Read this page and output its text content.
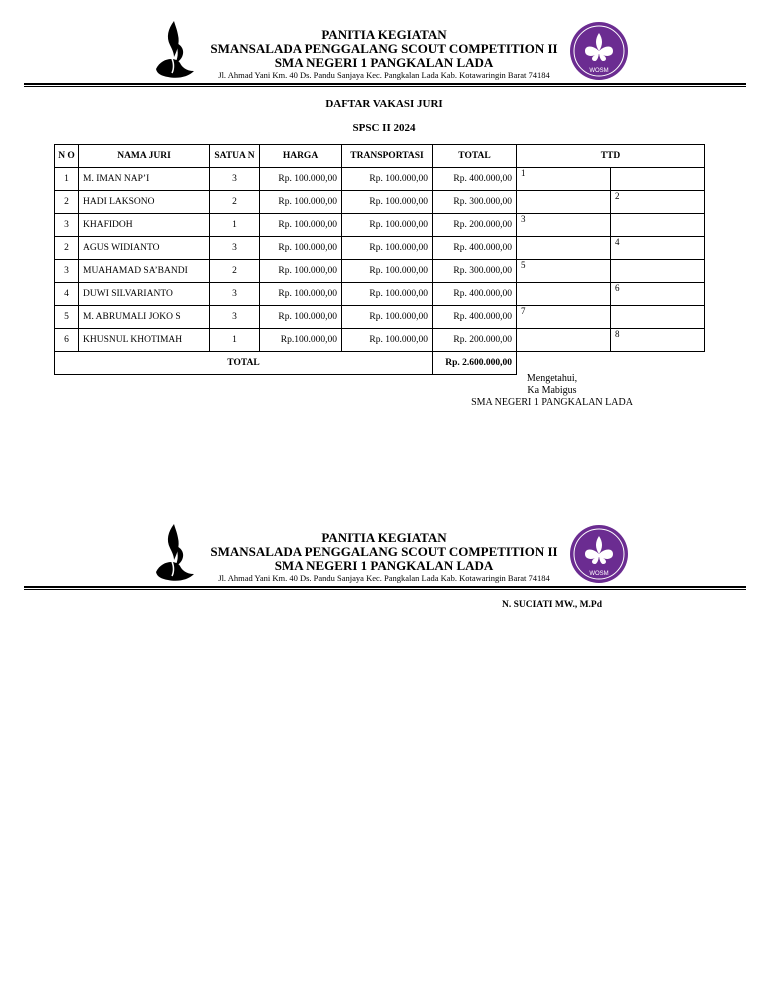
PANITIA KEGIATAN
SMANSALADA PENGGALANG SCOUT COMPETITION II
SMA NEGERI 1 PANGKALAN LADA
Jl. Ahmad Yani Km. 40 Ds. Pandu Sanjaya Kec. Pangkalan Lada Kab. Kotawaringin Barat 74184	WOSM
DAFTAR VAKASI JURI
SPSC II 2024
N O	NAMA JURI	SATUA N	HARGA	TRANSPORTASI	TOTAL	TTD	
1	M. IMAN NAP’I	3	Rp. 100.000,00	Rp. 100.000,00	Rp. 400.000,00	1	

2	HADI LAKSONO	2	Rp. 100.000,00	Rp. 100.000,00	Rp. 300.000,00		2

3	KHAFIDOH	1	Rp. 100.000,00	Rp. 100.000,00	Rp. 200.000,00	3	

2	AGUS WIDIANTO	3	Rp. 100.000,00	Rp. 100.000,00	Rp. 400.000,00		4

3	MUAHAMAD SA’BANDI	2	Rp. 100.000,00	Rp. 100.000,00	Rp. 300.000,00	5	

4	DUWI SILVARIANTO	3	Rp. 100.000,00	Rp. 100.000,00	Rp. 400.000,00		6

5	M. ABRUMALI JOKO S	3	Rp. 100.000,00	Rp. 100.000,00	Rp. 400.000,00	7	

6	KHUSNUL KHOTIMAH	1	Rp.100.000,00	Rp. 100.000,00	Rp. 200.000,00		8

TOTAL					Rp. 2.600.000,00		
Mengetahui,
Ka Mabigus
SMA NEGERI 1 PANGKALAN LADA
PANITIA KEGIATAN
SMANSALADA PENGGALANG SCOUT COMPETITION II
SMA NEGERI 1 PANGKALAN LADA
Jl. Ahmad Yani Km. 40 Ds. Pandu Sanjaya Kec. Pangkalan Lada Kab. Kotawaringin Barat 74184	WOSM
N. SUCIATI MW., M.Pd
